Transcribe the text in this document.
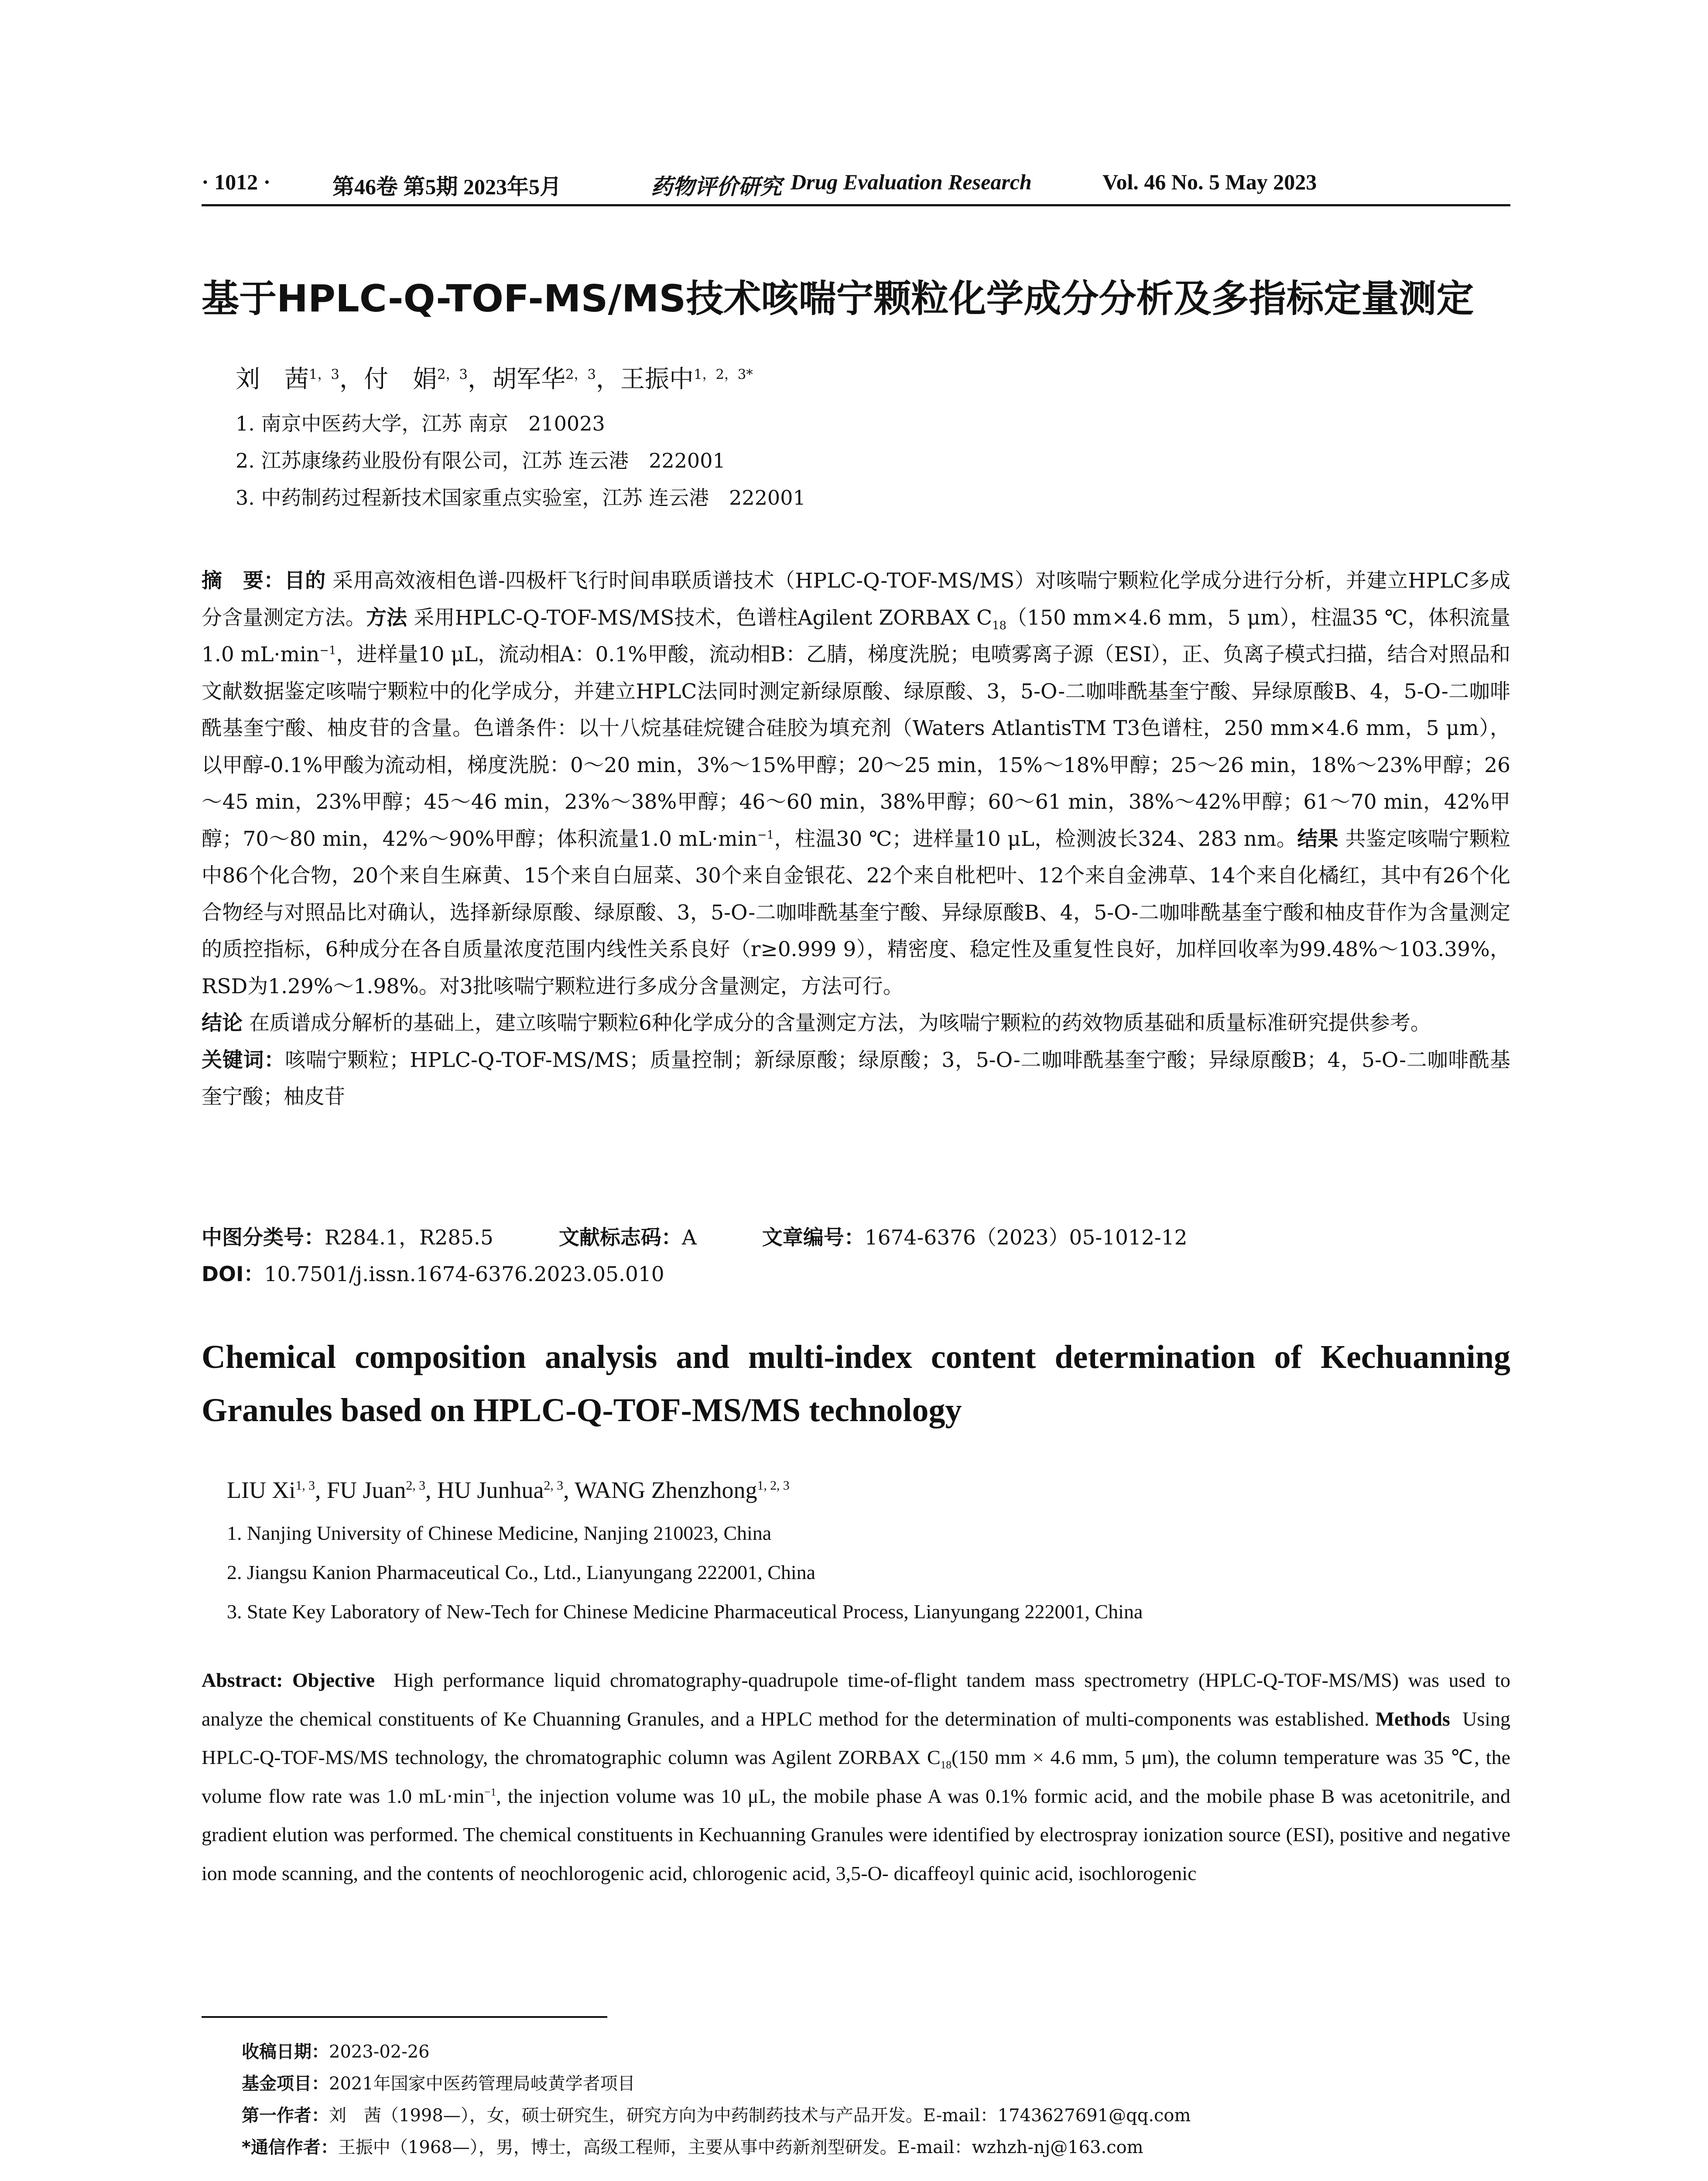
· 1012 ·	第46卷 第5期 2023年5月	药物评价研究 Drug Evaluation Research	Vol. 46 No. 5 May 2023
基于HPLC-Q-TOF-MS/MS技术咳喘宁颗粒化学成分分析及多指标定量测定
刘　茜$^{1,3}$，付　娟$^{2,3}$，胡军华$^{2,3}$，王振中$^{1,2,3*}$
1. 南京中医药大学，江苏 南京　210023
2. 江苏康缘药业股份有限公司，江苏 连云港　222001
3. 中药制药过程新技术国家重点实验室，江苏 连云港　222001

摘　要：目的 采用高效液相色谱-四极杆飞行时间串联质谱技术（HPLC-Q-TOF-MS/MS）对咳喘宁颗粒化学成分进行分析，并建立HPLC多成分含量测定方法。方法 采用HPLC-Q-TOF-MS/MS技术，色谱柱Agilent ZORBAX $C_{18}(150$ mm×4.6 mm，5 μm），柱温35 ℃，体积流量1.0 $mL\cdot\min^{-1}$，进样量10 μL，流动相A：0.1%甲酸，流动相B：乙腈，梯度洗脱；电喷雾离子源（ESI），正、负离子模式扫描，结合对照品和文献数据鉴定咳喘宁颗粒中的化学成分，并建立HPLC法同时测定新绿原酸、绿原酸、3，5-O-二咖啡酰基奎宁酸、异绿原酸B、4，5-O-二咖啡酰基奎宁酸、柚皮苷的含量。色谱条件：以十八烷基硅烷键合硅胶为填充剂（Waters AtlantisTM T3色谱柱，250 mm×4.6 mm，5 μm），以甲醇-0.1%甲酸为流动相，梯度洗脱：0～20 min，3%～15%甲醇；20～25 min，15%～18%甲醇；25～26 min，18%～23%甲醇；26～45 min，23%甲醇；45～46 min，23%～38%甲醇；46～60 min，38%甲醇；60～61 min，38%～42%甲醇；61～70 min，42%甲醇；70～80 min，42%～90%甲醇；体积流量1.0 $mL\cdot\min^{-1}$，柱温30 ℃；进样量10 μL，检测波长324、283 nm。结果 共鉴定咳喘宁颗粒中86个化合物，20个来自生麻黄、15个来自白屈菜、30个来自金银花、22个来自枇杷叶、12个来自金沸草、14个来自化橘红，其中有26个化合物经与对照品比对确认，选择新绿原酸、绿原酸、3，5-O-二咖啡酰基奎宁酸、异绿原酸B、4，5-O-二咖啡酰基奎宁酸和柚皮苷作为含量测定的质控指标，6种成分在各自质量浓度范围内线性关系良好（r≥0.999 9），精密度、稳定性及重复性良好，加样回收率为99.48%～103.39%，RSD为1.29%～1.98%。对3批咳喘宁颗粒进行多成分含量测定，方法可行。

结论 在质谱成分解析的基础上，建立咳喘宁颗粒6种化学成分的含量测定方法，为咳喘宁颗粒的药效物质基础和质量标准研究提供参考。

关键词：咳喘宁颗粒；HPLC-Q-TOF-MS/MS；质量控制；新绿原酸；绿原酸；3，5-O-二咖啡酰基奎宁酸；异绿原酸B；4，5-O-二咖啡酰基奎宁酸；柚皮苷

中图分类号：R284.1，R285.5	文献标志码：A	文章编号：1674-6376（2023）05-1012-12
DOI：10.7501/j.issn.1674-6376.2023.05.010
Chemical composition analysis and multi-index content determination of Kechuanning Granules based on HPLC-Q-TOF-MS/MS technology
LIU Xi$^{1, 3}$, FU Juan$^{2, 3}$, HU Junhua$^{2, 3}$, WANG Zhenzhong$^{1, 2, 3}$
1. Nanjing University of Chinese Medicine, Nanjing 210023, China
2. Jiangsu Kanion Pharmaceutical Co., Ltd., Lianyungang 222001, China
3. State Key Laboratory of New-Tech for Chinese Medicine Pharmaceutical Process, Lianyungang 222001, China
Abstract: Objective High performance liquid chromatography-quadrupole time-of-flight tandem mass spectrometry (HPLC-Q-TOF-MS/MS) was used to analyze the chemical constituents of Ke Chuanning Granules, and a HPLC method for the determination of multi-components was established. Methods Using HPLC-Q-TOF-MS/MS technology, the chromatographic column was Agilent ZORBAX $C_{18}(150$ mm × 4.6 mm, 5 μm), the column temperature was 35 ℃, the volume flow rate was 1.0 $mL\cdot\min^{-1}$, the injection volume was 10 μL, the mobile phase A was 0.1% formic acid, and the mobile phase B was acetonitrile, and gradient elution was performed. The chemical constituents in Kechuanning Granules were identified by electrospray ionization source (ESI), positive and negative ion mode scanning, and the contents of neochlorogenic acid, chlorogenic acid, 3,5-O- dicaffeoyl quinic acid, isochlorogenic
收稿日期：2023-02-26
基金项目：2021年国家中医药管理局岐黄学者项目
第一作者：刘　茜（1998—），女，硕士研究生，研究方向为中药制药技术与产品开发。E-mail：1743627691@qq.com
*通信作者：王振中（1968—），男，博士，高级工程师，主要从事中药新剂型研发。E-mail：wzhzh-nj@163.com
